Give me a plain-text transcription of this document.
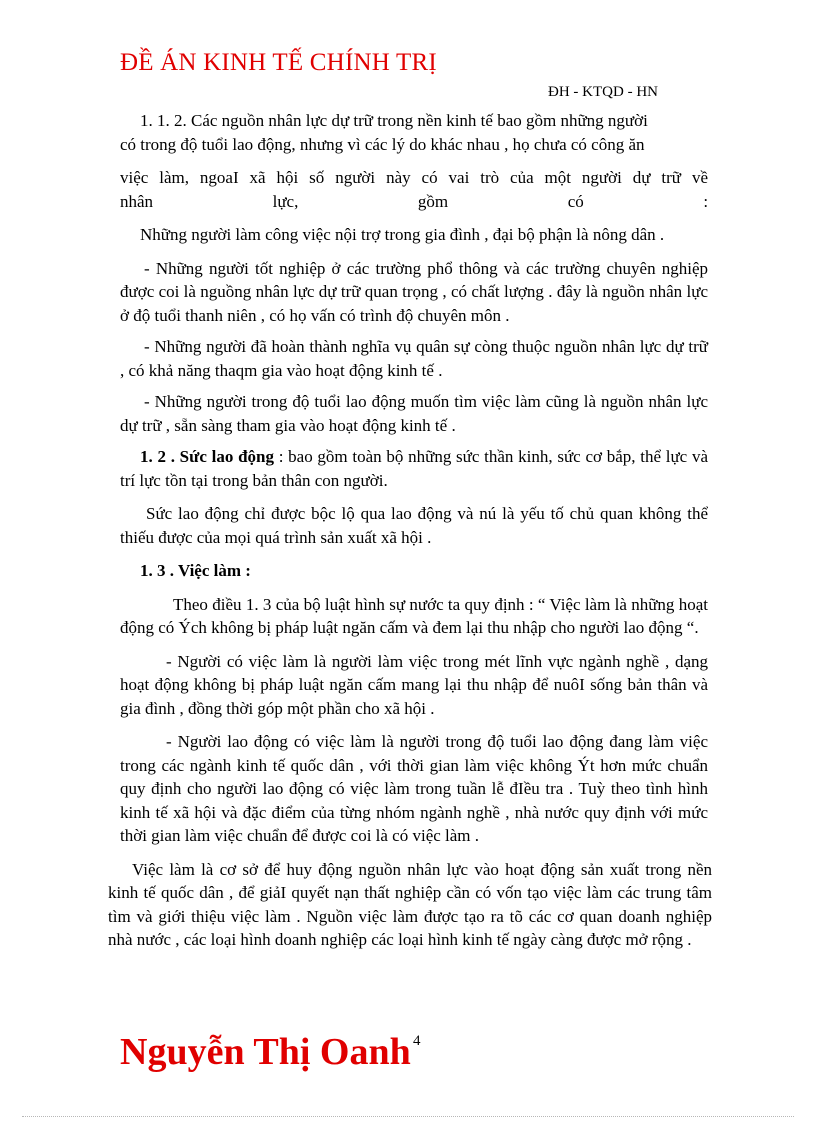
ĐỀ ÁN KINH TẾ CHÍNH TRỊ
ĐH - KTQD - HN

1. 1. 2. Các nguồn nhân lực dự trữ trong nền kinh tế bao gồm những người
có trong độ tuổi lao động, nhưng vì các lý do khác nhau , họ chưa có công ăn

việc làm, ngoaI xã hội số người này có vai trò của một người dự trữ về
nhân	lực,	gồm	có	:

Những người làm công việc nội trợ trong gia đình , đại bộ phận là nông dân .

- Những người tốt nghiệp ở các trường phổ thông và các trường chuyên nghiệp được coi là nguồng nhân lực dự trữ quan trọng , có chất lượng . đây là nguồn nhân lực ở độ tuổi thanh niên , có họ vấn có trình độ chuyên môn .

- Những người đã hoàn thành nghĩa vụ quân sự còng thuộc nguồn nhân lực dự trữ , có khả năng thaqm gia vào hoạt động kinh tế .

- Những người trong độ tuổi lao động muốn tìm việc làm cũng là nguồn nhân lực dự trữ , sẵn sàng tham gia vào hoạt động kinh tế .

1. 2 . Sức lao động : bao gồm toàn bộ những sức thần kinh, sức cơ bắp, thể lực và trí lực tồn tại trong bản thân con người.

Sức lao động chỉ được bộc lộ qua lao động và nú là yếu tố chủ quan không thể thiếu được của mọi quá trình sản xuất xã hội .

1. 3 . Việc làm :

Theo điều 1. 3 của bộ luật hình sự nước ta quy định : “ Việc làm là những hoạt động có Ých không bị pháp luật ngăn cấm và đem lại thu nhập cho người lao động “.

- Người có việc làm là người làm việc trong mét lĩnh vực ngành nghề , dạng hoạt động không bị pháp luật ngăn cấm mang lại thu nhập để nuôI sống bản thân và gia đình , đồng thời góp một phần cho xã hội .

- Người lao động có việc làm là người trong độ tuổi lao động đang làm việc trong các ngành kinh tế quốc dân , với thời gian làm việc không Ýt hơn mức chuẩn quy định cho người lao động có việc làm trong tuần lễ đIều tra . Tuỳ theo tình hình kinh tế xã hội và đặc điểm của từng nhóm ngành nghề , nhà nước quy định với mức thời gian làm việc chuẩn để được coi là có việc làm .

Việc làm là cơ sở để huy động nguồn nhân lực vào hoạt động sản xuất trong nền kinh tế quốc dân , để giảI quyết nạn thất nghiệp cần có vốn tạo việc làm các trung tâm tìm và giới thiệu việc làm . Nguồn việc làm được tạo ra tõ các cơ quan doanh nghiệp nhà nước , các loại hình doanh nghiệp các loại hình kinh tế ngày càng được mở rộng .

Nguyễn Thị Oanh 4
